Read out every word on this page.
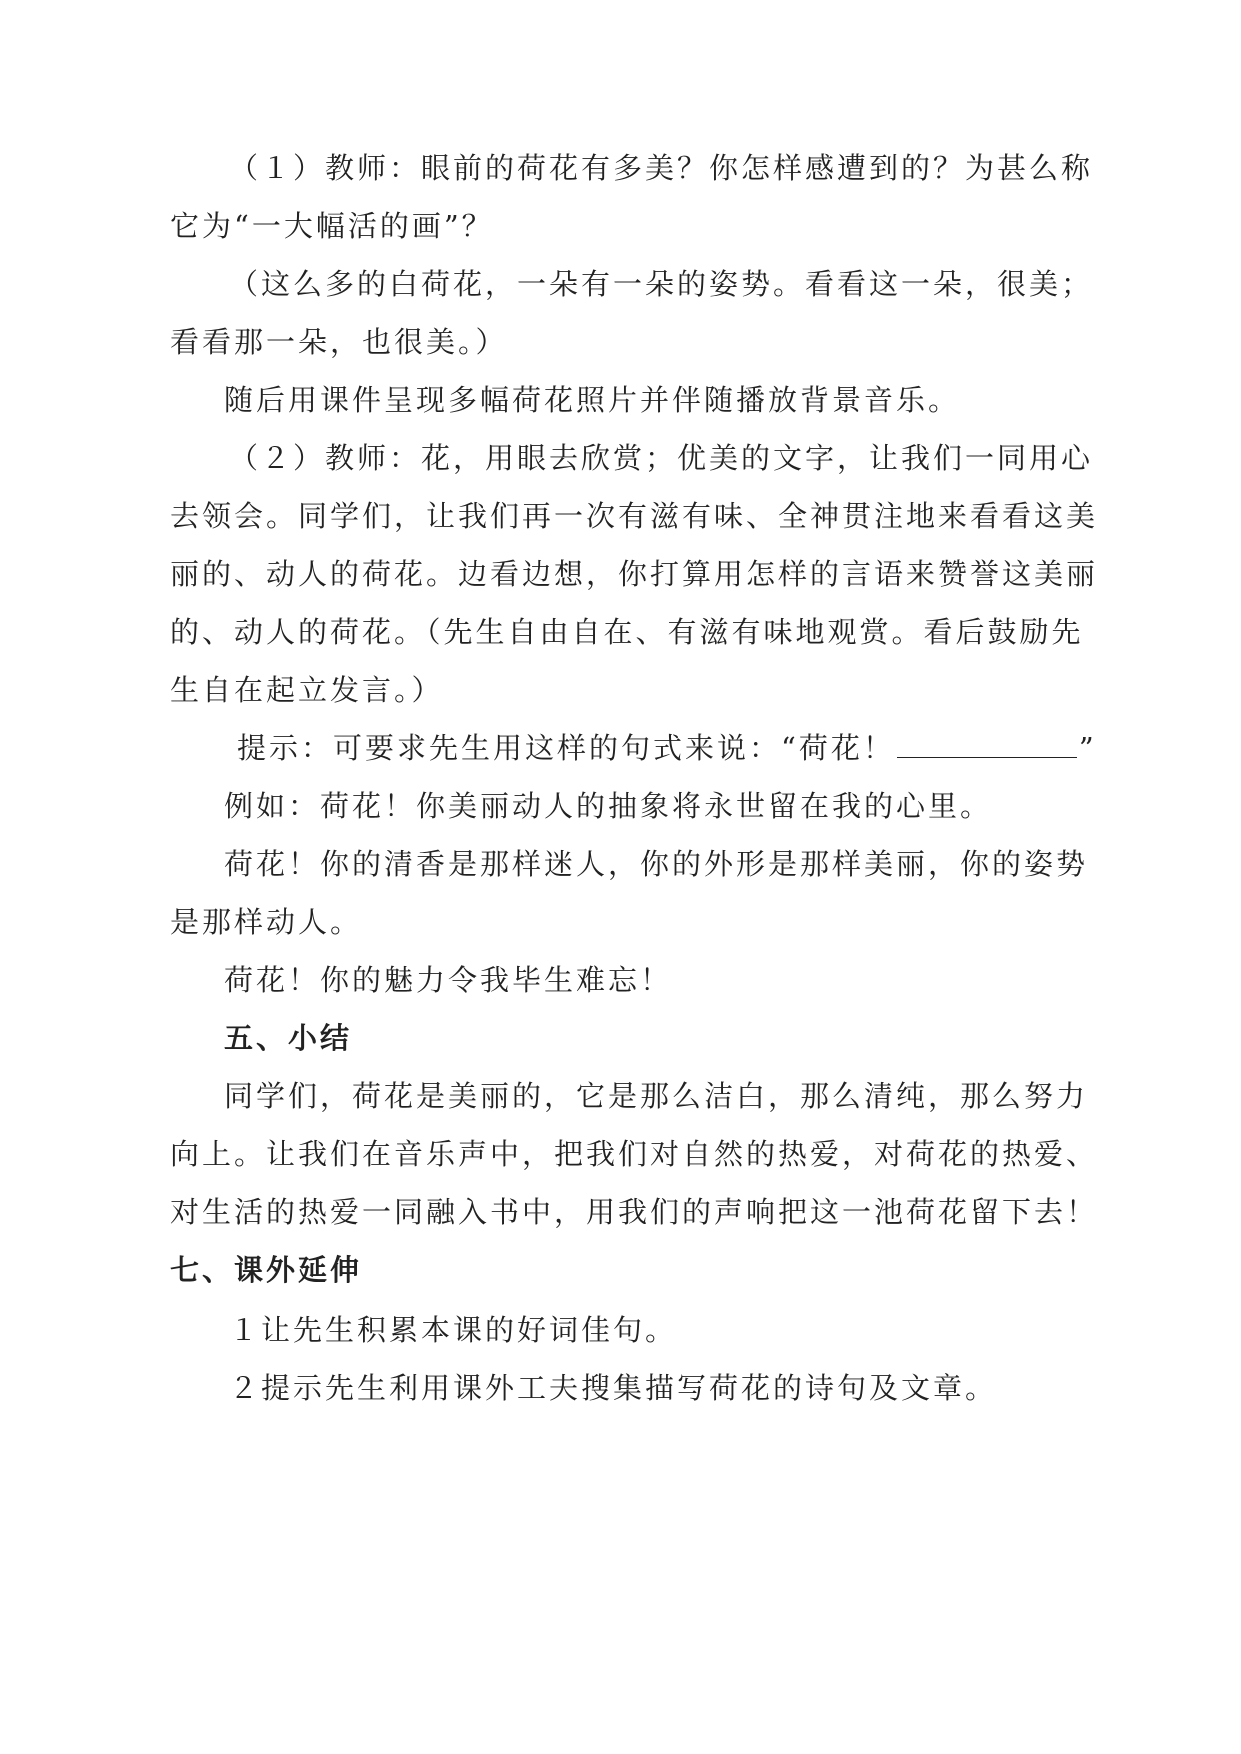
（１）教师：眼前的荷花有多美？你怎样感遭到的？为甚么称
它为“一大幅活的画”？
（这么多的白荷花，一朵有一朵的姿势。看看这一朵，很美；
看看那一朵，也很美。）
随后用课件呈现多幅荷花照片并伴随播放背景音乐。
（２）教师：花，用眼去欣赏；优美的文字，让我们一同用心
去领会。同学们，让我们再一次有滋有味、全神贯注地来看看这美
丽的、动人的荷花。边看边想，你打算用怎样的言语来赞誉这美丽
的、动人的荷花。（先生自由自在、有滋有味地观赏。看后鼓励先
生自在起立发言。）
提示：可要求先生用这样的句式来说：“荷花！	”
例如：荷花！你美丽动人的抽象将永世留在我的心里。
荷花！你的清香是那样迷人，你的外形是那样美丽，你的姿势
是那样动人。
荷花！你的魅力令我毕生难忘！
五、小结
同学们，荷花是美丽的，它是那么洁白，那么清纯，那么努力
向上。让我们在音乐声中，把我们对自然的热爱，对荷花的热爱、
对生活的热爱一同融入书中，用我们的声响把这一池荷花留下去！
七、课外延伸
１让先生积累本课的好词佳句。
２提示先生利用课外工夫搜集描写荷花的诗句及文章。
